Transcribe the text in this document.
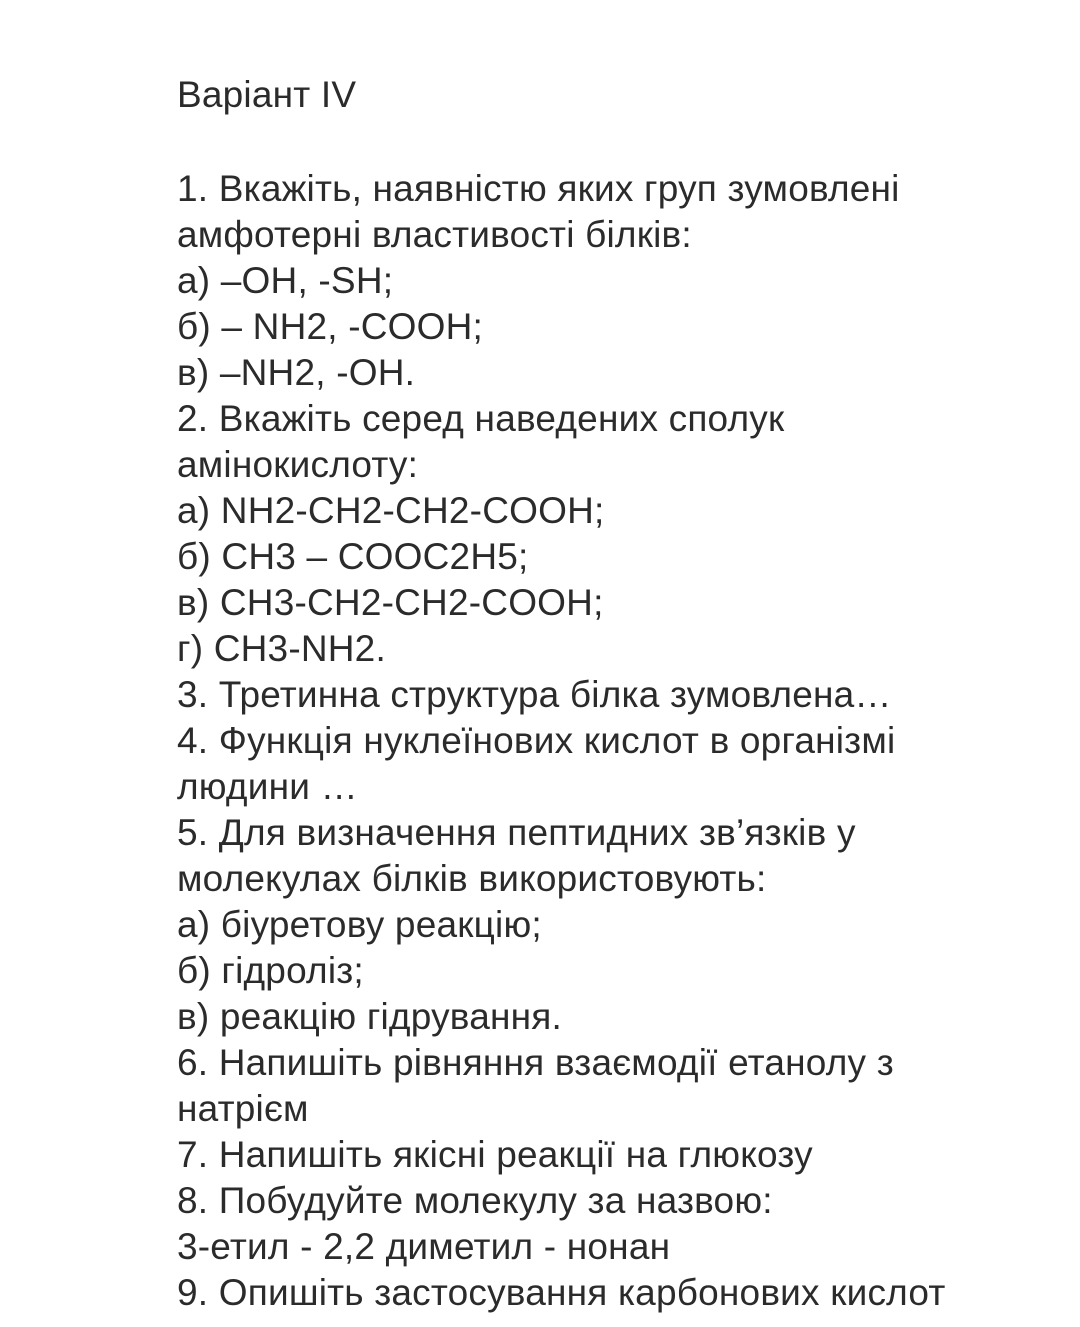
Варіант IV
1. Вкажіть, наявністю яких груп зумовлені
амфотерні властивості білків:
а) –OH, -SH;
б) – NH2, -COOH;
в) –NH2, -OH.
2. Вкажіть серед наведених сполук
амінокислоту:
а) NH2-CH2-CH2-COOH;
б) CH3 – COOC2H5;
в) CH3-CH2-CH2-COOH;
г) CH3-NH2.
3. Третинна структура білка зумовлена…
4. Функція нуклеїнових кислот в організмі
людини …
5. Для визначення пептидних зв’язків у
молекулах білків використовують:
а) біуретову реакцію;
б) гідроліз;
в) реакцію гідрування.
6. Напишіть рівняння взаємодії етанолу з
натрієм
7. Напишіть якісні реакції на глюкозу
8. Побудуйте молекулу за назвою:
3-етил - 2,2 диметил - нонан
9. Опишіть застосування карбонових кислот
